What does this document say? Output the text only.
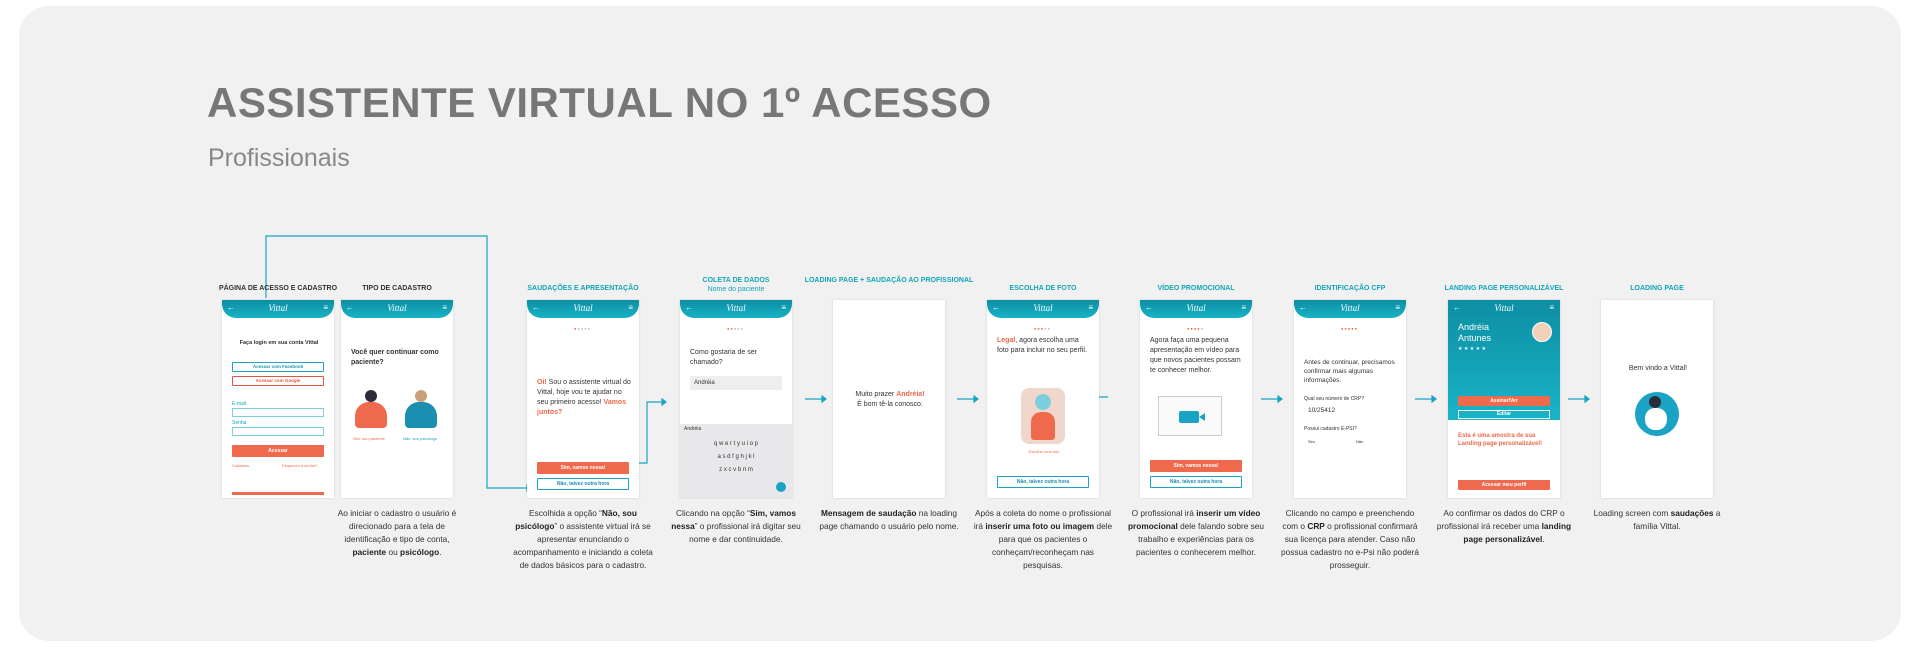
ASSISTENTE VIRTUAL NO 1º ACESSO
Profissionais
PÁGINA DE ACESSO E CADASTRO
←	Vittal	≡
Faça login em sua conta Vittal
Acessar com Facebook
Acessar com Google
E-mail
Senha
Acessar
Cadastrar	Esqueceu a senha?
TIPO DE CADASTRO
←	Vittal	≡
Você quer continuar como paciente?
Sim, sou paciente	Não, sou psicólogo
Ao iniciar o cadastro o usuário é direcionado para a tela de identificação e tipo de conta, paciente ou psicólogo.
SAUDAÇÕES E APRESENTAÇÃO
←	Vittal	≡
●●●●●
Oi! Sou o assistente virtual do Vittal, hoje vou te ajudar no seu primeiro acesso! Vamos juntos?
Sim, vamos nessa!
Não, talvez outra hora
Escolhida a opção “Não, sou psicólogo” o assistente virtual irá se apresentar enunciando o acompanhamento e iniciando a coleta de dados básicos para o cadastro.
COLETA DE DADOS
Nome do paciente
←	Vittal	≡
●●●●●
Como gostaria de ser chamado?
Andréia
Andréia
q w e r t y u i o p
a s d f g h j k l
z x c v b n m
Clicando na opção “Sim, vamos nessa” o profissional irá digitar seu nome e dar continuidade.
LOADING PAGE + SAUDAÇÃO AO PROFISSIONAL
Muito prazer Andréia!
É bom tê-la conosco.
Mensagem de saudação na loading page chamando o usuário pelo nome.
ESCOLHA DE FOTO
←	Vittal	≡
●●●●●
Legal, agora escolha uma foto para incluir no seu perfil.
Escolha uma foto
Não, talvez outra hora
Após a coleta do nome o profissional irá inserir uma foto ou imagem dele para que os pacientes o conheçam/reconheçam nas pesquisas.
VÍDEO PROMOCIONAL
←	Vittal	≡
●●●●●
Agora faça uma pequena apresentação em vídeo para que novos pacientes possam te conhecer melhor.
Sim, vamos nessa!
Não, talvez outra hora
O profissional irá inserir um vídeo promocional dele falando sobre seu trabalho e experiências para os pacientes o conhecerem melhor.
IDENTIFICAÇÃO CFP
←	Vittal	≡
●●●●●
Antes de continuar, precisamos confirmar mais algumas informações.
Qual seu número de CRP?
10/25412
Possui cadastro E-PSI?
Sim	Não
Clicando no campo e preenchendo com o CRP o profissional confirmará sua licença para atender. Caso não possua cadastro no e-Psi não poderá prosseguir.
LANDING PAGE PERSONALIZÁVEL
←	Vittal	≡
Andréia
Antunes
★ ★ ★ ★ ★
Assinar/Ver
Editar
Esta é uma amostra de sua Landing page personalizável!
Acessar meu perfil
Ao confirmar os dados do CRP o profissional irá receber uma landing page personalizável.
LOADING PAGE
Bem vindo a Vittal!
Loading screen com saudações a família Vittal.
